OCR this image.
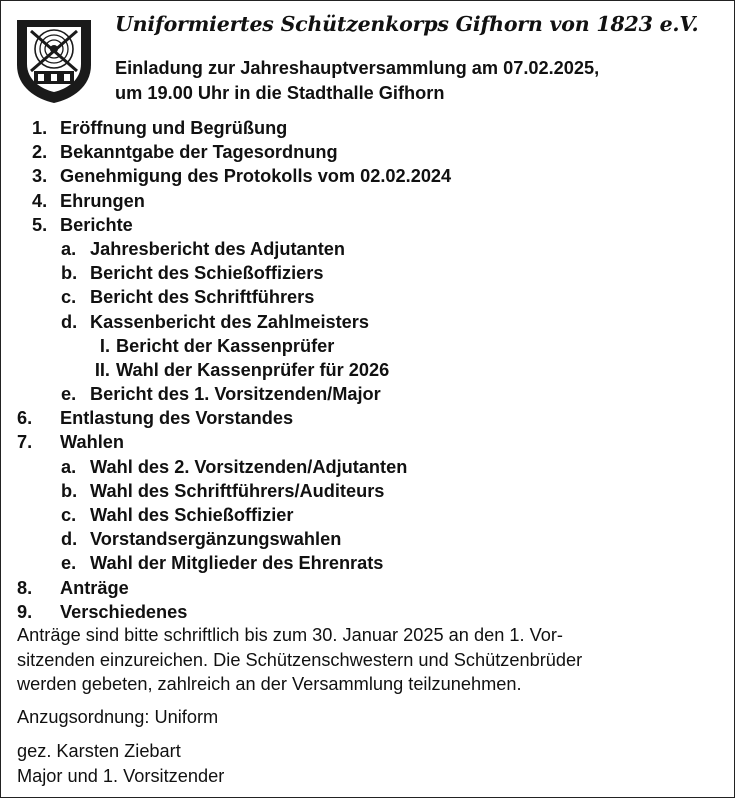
Uniformiertes Schützenkorps Gifhorn von 1823 e.V.
Einladung zur Jahreshauptversammlung am 07.02.2025,
um 19.00 Uhr in die Stadthalle Gifhorn
1. Eröffnung und Begrüßung
2. Bekanntgabe der Tagesordnung
3. Genehmigung des Protokolls vom 02.02.2024
4. Ehrungen
5. Berichte
a. Jahresbericht des Adjutanten
b. Bericht des Schießoffiziers
c. Bericht des Schriftführers
d. Kassenbericht des Zahlmeisters
I. Bericht der Kassenprüfer
II. Wahl der Kassenprüfer für 2026
e. Bericht des 1. Vorsitzenden/Major
6. Entlastung des Vorstandes
7. Wahlen
a. Wahl des 2. Vorsitzenden/Adjutanten
b. Wahl des Schriftführers/Auditeurs
c. Wahl des Schießoffizier
d. Vorstandsergänzungswahlen
e. Wahl der Mitglieder des Ehrenrats
8. Anträge
9. Verschiedenes
Anträge sind bitte schriftlich bis zum 30. Januar 2025 an den 1. Vor-
sitzenden einzureichen. Die Schützenschwestern und Schützenbrüder
werden gebeten, zahlreich an der Versammlung teilzunehmen.
Anzugsordnung: Uniform
gez. Karsten Ziebart
Major und 1. Vorsitzender
